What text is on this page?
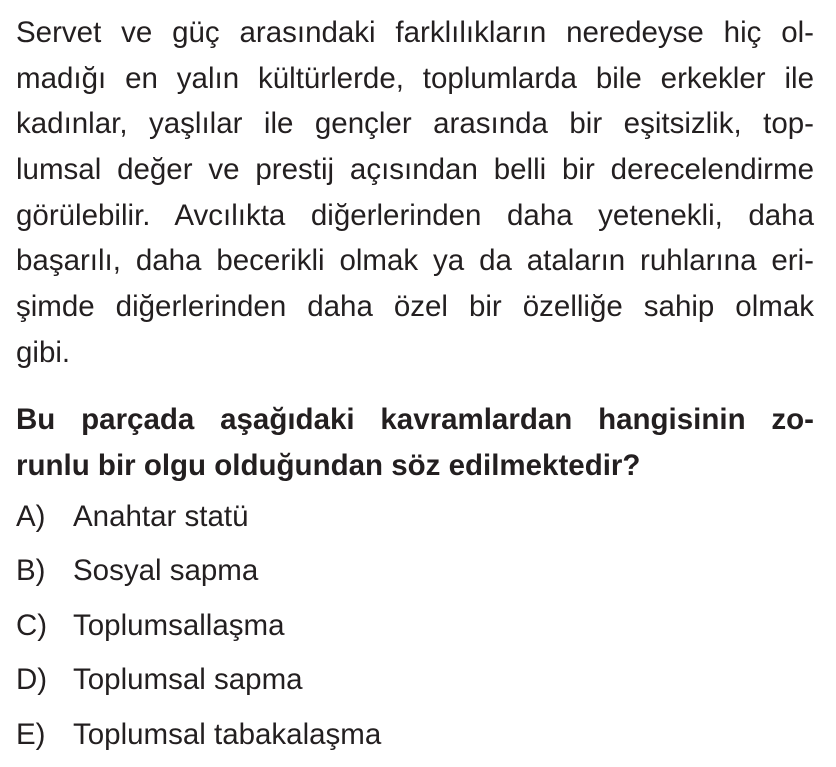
Servet ve güç arasındaki farklılıkların neredeyse hiç ol-
madığı en yalın kültürlerde, toplumlarda bile erkekler ile
kadınlar, yaşlılar ile gençler arasında bir eşitsizlik, top-
lumsal değer ve prestij açısından belli bir derecelendirme
görülebilir. Avcılıkta diğerlerinden daha yetenekli, daha
başarılı, daha becerikli olmak ya da ataların ruhlarına eri-
şimde diğerlerinden daha özel bir özelliğe sahip olmak
gibi.
Bu parçada aşağıdaki kavramlardan hangisinin zo-
runlu bir olgu olduğundan söz edilmektedir?
A) Anahtar statü
B) Sosyal sapma
C) Toplumsallaşma
D) Toplumsal sapma
E) Toplumsal tabakalaşma
